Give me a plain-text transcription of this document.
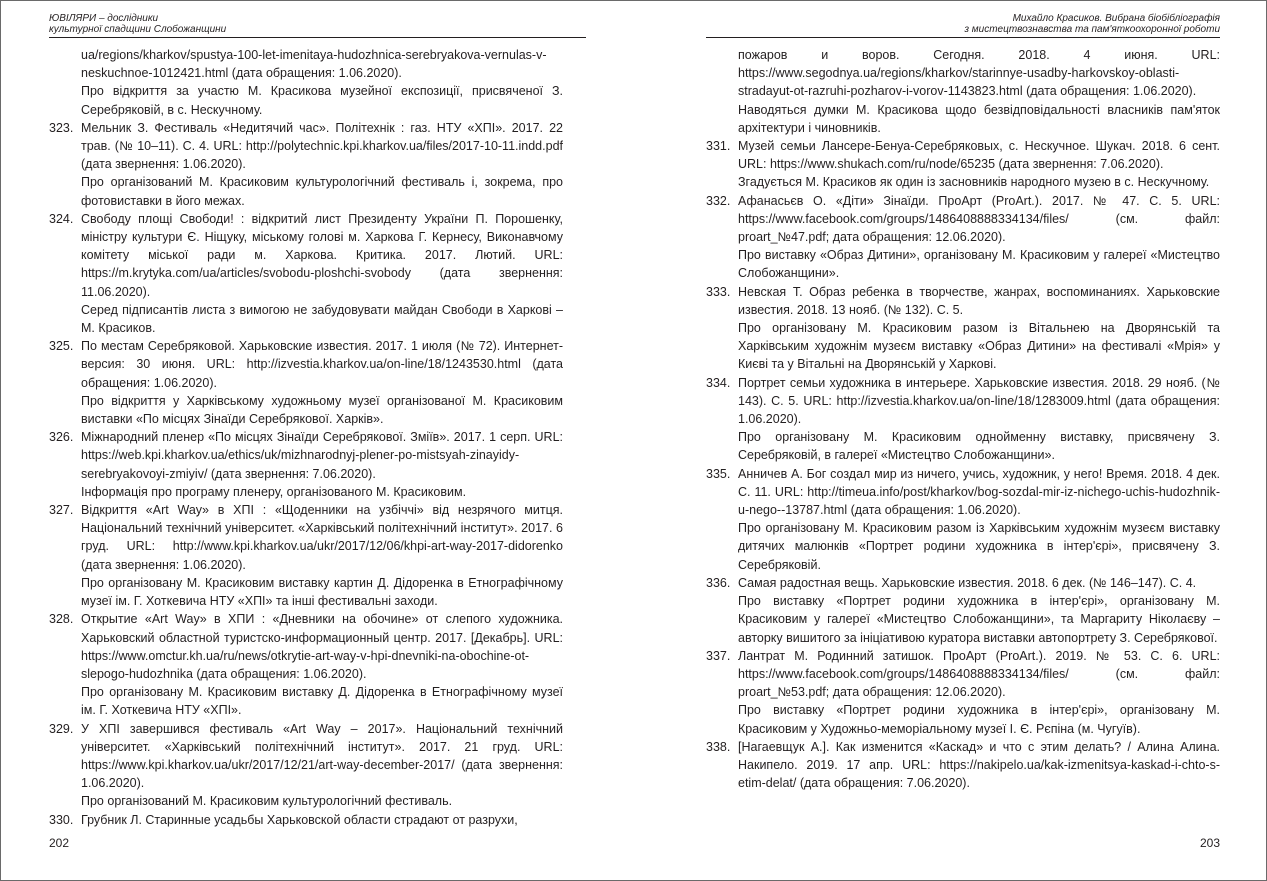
ЮВІЛЯРИ – дослідники
культурної спадщини Слобожанщини

ua/regions/kharkov/spustya-100-let-imenitaya-hudozhnica-serebryakova-vernulas-v-neskuchnoe-1012421.html (дата обращения: 1.06.2020).

Про відкриття за участю М. Красикова музейної експозиції, присвяченої З. Серебряковій, в с. Нескучному.

323. Мельник З. Фестиваль «Недитячий час». Політехнік : газ. НТУ «ХПІ». 2017. 22 трав. (№ 10–11). С. 4. URL: http://polytechnic.kpi.kharkov.ua/files/2017-10-11.indd.pdf (дата звернення: 1.06.2020).

Про організований М. Красиковим культурологічний фестиваль і, зокрема, про фотовиставки в його межах.

324. Свободу площі Свободи! : відкритий лист Президенту України П. Порошенку, міністру культури Є. Ніщуку, міському голові м. Харкова Г. Кернесу, Виконавчому комітету міської ради м. Харкова. Критика. 2017. Лютий. URL: https://m.krytyka.com/ua/articles/svobodu-ploshchi-svobody (дата звернення: 11.06.2020).

Серед підписантів листа з вимогою не забудовувати майдан Свободи в Харкові – М. Красиков.

325. По местам Серебряковой. Харьковские известия. 2017. 1 июля (№ 72). Интернет-версия: 30 июня. URL: http://izvestia.kharkov.ua/on-line/18/1243530.html (дата обращения: 1.06.2020).

Про відкриття у Харківському художньому музеї організованої М. Красиковим виставки «По місцях Зінаїди Серебрякової. Харків».

326. Міжнародний пленер «По місцях Зінаїди Серебрякової. Зміїв». 2017. 1 серп. URL: https://web.kpi.kharkov.ua/ethics/uk/mizhnarodnyj-plener-po-mistsyah-zinayidy-serebryakovoyi-zmiyiv/ (дата звернення: 7.06.2020).

Інформація про програму пленеру, організованого М. Красиковим.

327. Відкриття «Art Way» в ХПІ : «Щоденники на узбіччі» від незрячого митця. Національний технічний університет. «Харківський політехнічний інститут». 2017. 6 груд. URL: http://www.kpi.kharkov.ua/ukr/2017/12/06/khpi-art-way-2017-didorenko (дата звернення: 1.06.2020).

Про організовану М. Красиковим виставку картин Д. Дідоренка в Етнографічному музеї ім. Г. Хоткевича НТУ «ХПІ» та інші фестивальні заходи.

328. Открытие «Art Way» в ХПИ : «Дневники на обочине» от слепого художника. Харьковский областной туристско-информационный центр. 2017. [Декабрь]. URL: https://www.omctur.kh.ua/ru/news/otkrytie-art-way-v-hpi-dnevniki-na-obochine-ot-slepogo-hudozhnika (дата обращения: 1.06.2020).

Про організовану М. Красиковим виставку Д. Дідоренка в Етнографічному музеї ім. Г. Хоткевича НТУ «ХПІ».

329. У ХПІ завершився фестиваль «Art Way – 2017». Національний технічний університет. «Харківський політехнічний інститут». 2017. 21 груд. URL: https://www.kpi.kharkov.ua/ukr/2017/12/21/art-way-december-2017/ (дата звернення: 1.06.2020).

Про організований М. Красиковим культурологічний фестиваль.

330. Грубник Л. Старинные усадьбы Харьковской области страдают от разрухи,
202
Михайло Красиков. Вибрана біобібліографія
з мистецтвознавства та пам'яткоохоронної роботи

пожаров и воров. Сегодня. 2018. 4 июня. URL: https://www.segodnya.ua/regions/kharkov/starinnye-usadby-harkovskoy-oblasti-stradayut-ot-razruhi-pozharov-i-vorov-1143823.html (дата обращения: 1.06.2020).

Наводяться думки М. Красикова щодо безвідповідальності власників пам'яток архітектури і чиновників.

331. Музей семьи Лансере-Бенуа-Серебряковых, с. Нескучное. Шукач. 2018. 6 сент. URL: https://www.shukach.com/ru/node/65235 (дата звернення: 7.06.2020).

Згадується М. Красиков як один із засновників народного музею в с. Нескучному.

332. Афанасьєв О. «Діти» Зінаїди. ПроАрт (ProArt.). 2017. № 47. С. 5. URL: https://www.facebook.com/groups/1486408888334134/files/ (см. файл: proart_№47.pdf; дата обращения: 12.06.2020).

Про виставку «Образ Дитини», організовану М. Красиковим у галереї «Мистецтво Слобожанщини».

333. Невская Т. Образ ребенка в творчестве, жанрах, воспоминаниях. Харьковские известия. 2018. 13 нояб. (№ 132). С. 5.

Про організовану М. Красиковим разом із Вітальнею на Дворянській та Харківським художнім музеєм виставку «Образ Дитини» на фестивалі «Мрія» у Києві та у Вітальні на Дворянській у Харкові.

334. Портрет семьи художника в интерьере. Харьковские известия. 2018. 29 нояб. (№ 143). С. 5. URL: http://izvestia.kharkov.ua/on-line/18/1283009.html (дата обращения: 1.06.2020).

Про організовану М. Красиковим однойменну виставку, присвячену З. Серебряковій, в галереї «Мистецтво Слобожанщини».

335. Анничев А. Бог создал мир из ничего, учись, художник, у него! Время. 2018. 4 дек. С. 11. URL: http://timeua.info/post/kharkov/bog-sozdal-mir-iz-nichego-uchis-hudozhnik-u-nego--13787.html (дата обращения: 1.06.2020).

Про організовану М. Красиковим разом із Харківським художнім музеєм виставку дитячих малюнків «Портрет родини художника в інтер'єрі», присвячену З. Серебряковій.

336. Самая радостная вещь. Харьковские известия. 2018. 6 дек. (№ 146–147). С. 4.

Про виставку «Портрет родини художника в інтер'єрі», організовану М. Красиковим у галереї «Мистецтво Слобожанщини», та Маргариту Ніколаєву – авторку вишитого за ініціативою куратора виставки автопортрету З. Серебрякової.

337. Лантрат М. Родинний затишок. ПроАрт (ProArt.). 2019. № 53. С. 6. URL: https://www.facebook.com/groups/1486408888334134/files/ (см. файл: proart_№53.pdf; дата обращения: 12.06.2020).

Про виставку «Портрет родини художника в інтер'єрі», організовану М. Красиковим у Художньо-меморіальному музеї І. Є. Рєпіна (м. Чугуїв).

338. [Нагаевщук А.]. Как изменится «Каскад» и что с этим делать? / Алина Алина. Накипело. 2019. 17 апр. URL: https://nakipelo.ua/kak-izmenitsya-kaskad-i-chto-s-etim-delat/ (дата обращения: 7.06.2020).
203
